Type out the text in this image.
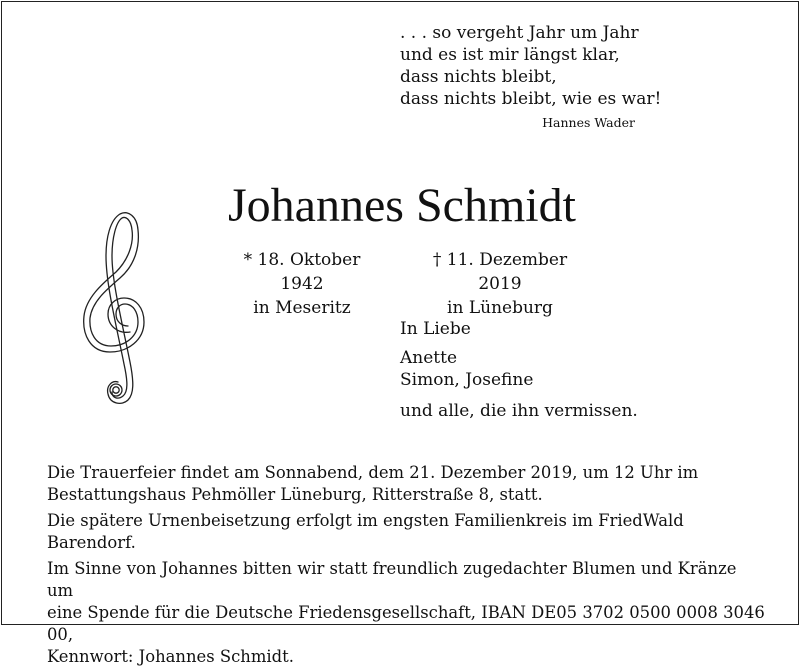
. . . so vergeht Jahr um Jahr
und es ist mir längst klar,
dass nichts bleibt,
dass nichts bleibt, wie es war!
Hannes Wader
Johannes Schmidt
* 18. Oktober 1942
in Meseritz
† 11. Dezember 2019
in Lüneburg
In Liebe
Anette
Simon, Josefine
und alle, die ihn vermissen.

Die Trauerfeier findet am Sonnabend, dem 21. Dezember 2019, um 12 Uhr im
Bestattungshaus Pehmöller Lüneburg, Ritterstraße 8, statt.

Die spätere Urnenbeisetzung erfolgt im engsten Familienkreis im FriedWald Barendorf.

Im Sinne von Johannes bitten wir statt freundlich zugedachter Blumen und Kränze um
eine Spende für die Deutsche Friedensgesellschaft, IBAN DE05 3702 0500 0008 3046 00,
Kennwort: Johannes Schmidt.
